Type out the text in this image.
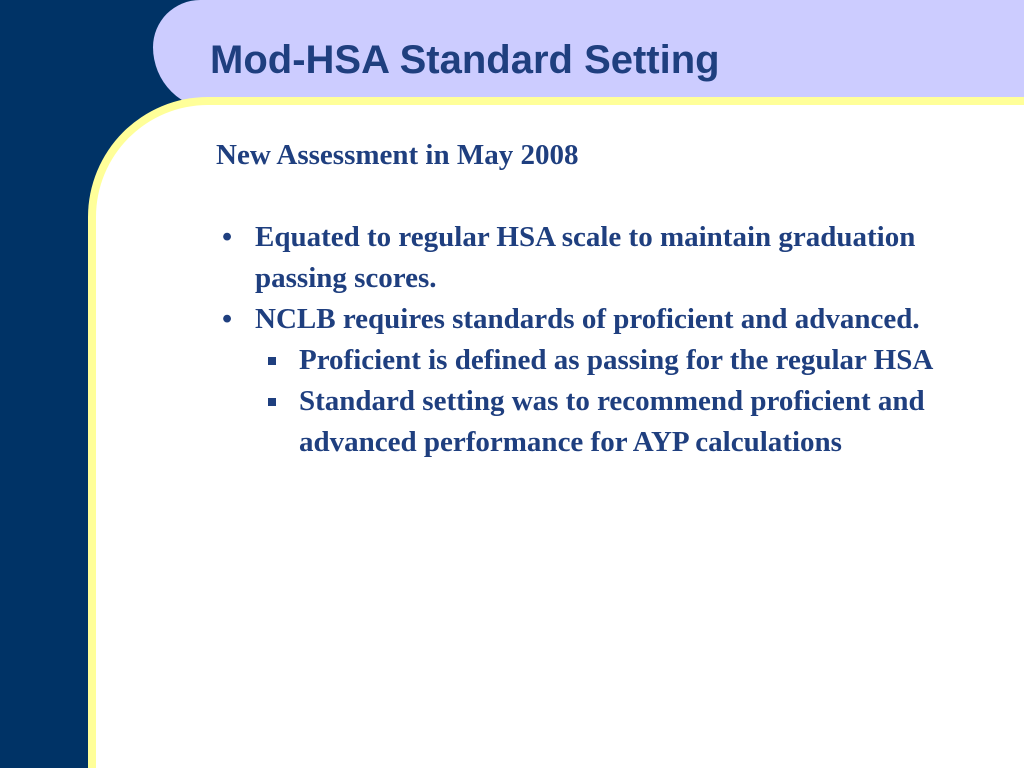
Mod-HSA Standard Setting

New Assessment in May 2008

• Equated to regular HSA scale to maintain graduation passing scores.
• NCLB requires standards of proficient and advanced.
Proficient is defined as passing for the regular HSA
Standard setting was to recommend proficient and advanced performance for AYP calculations
